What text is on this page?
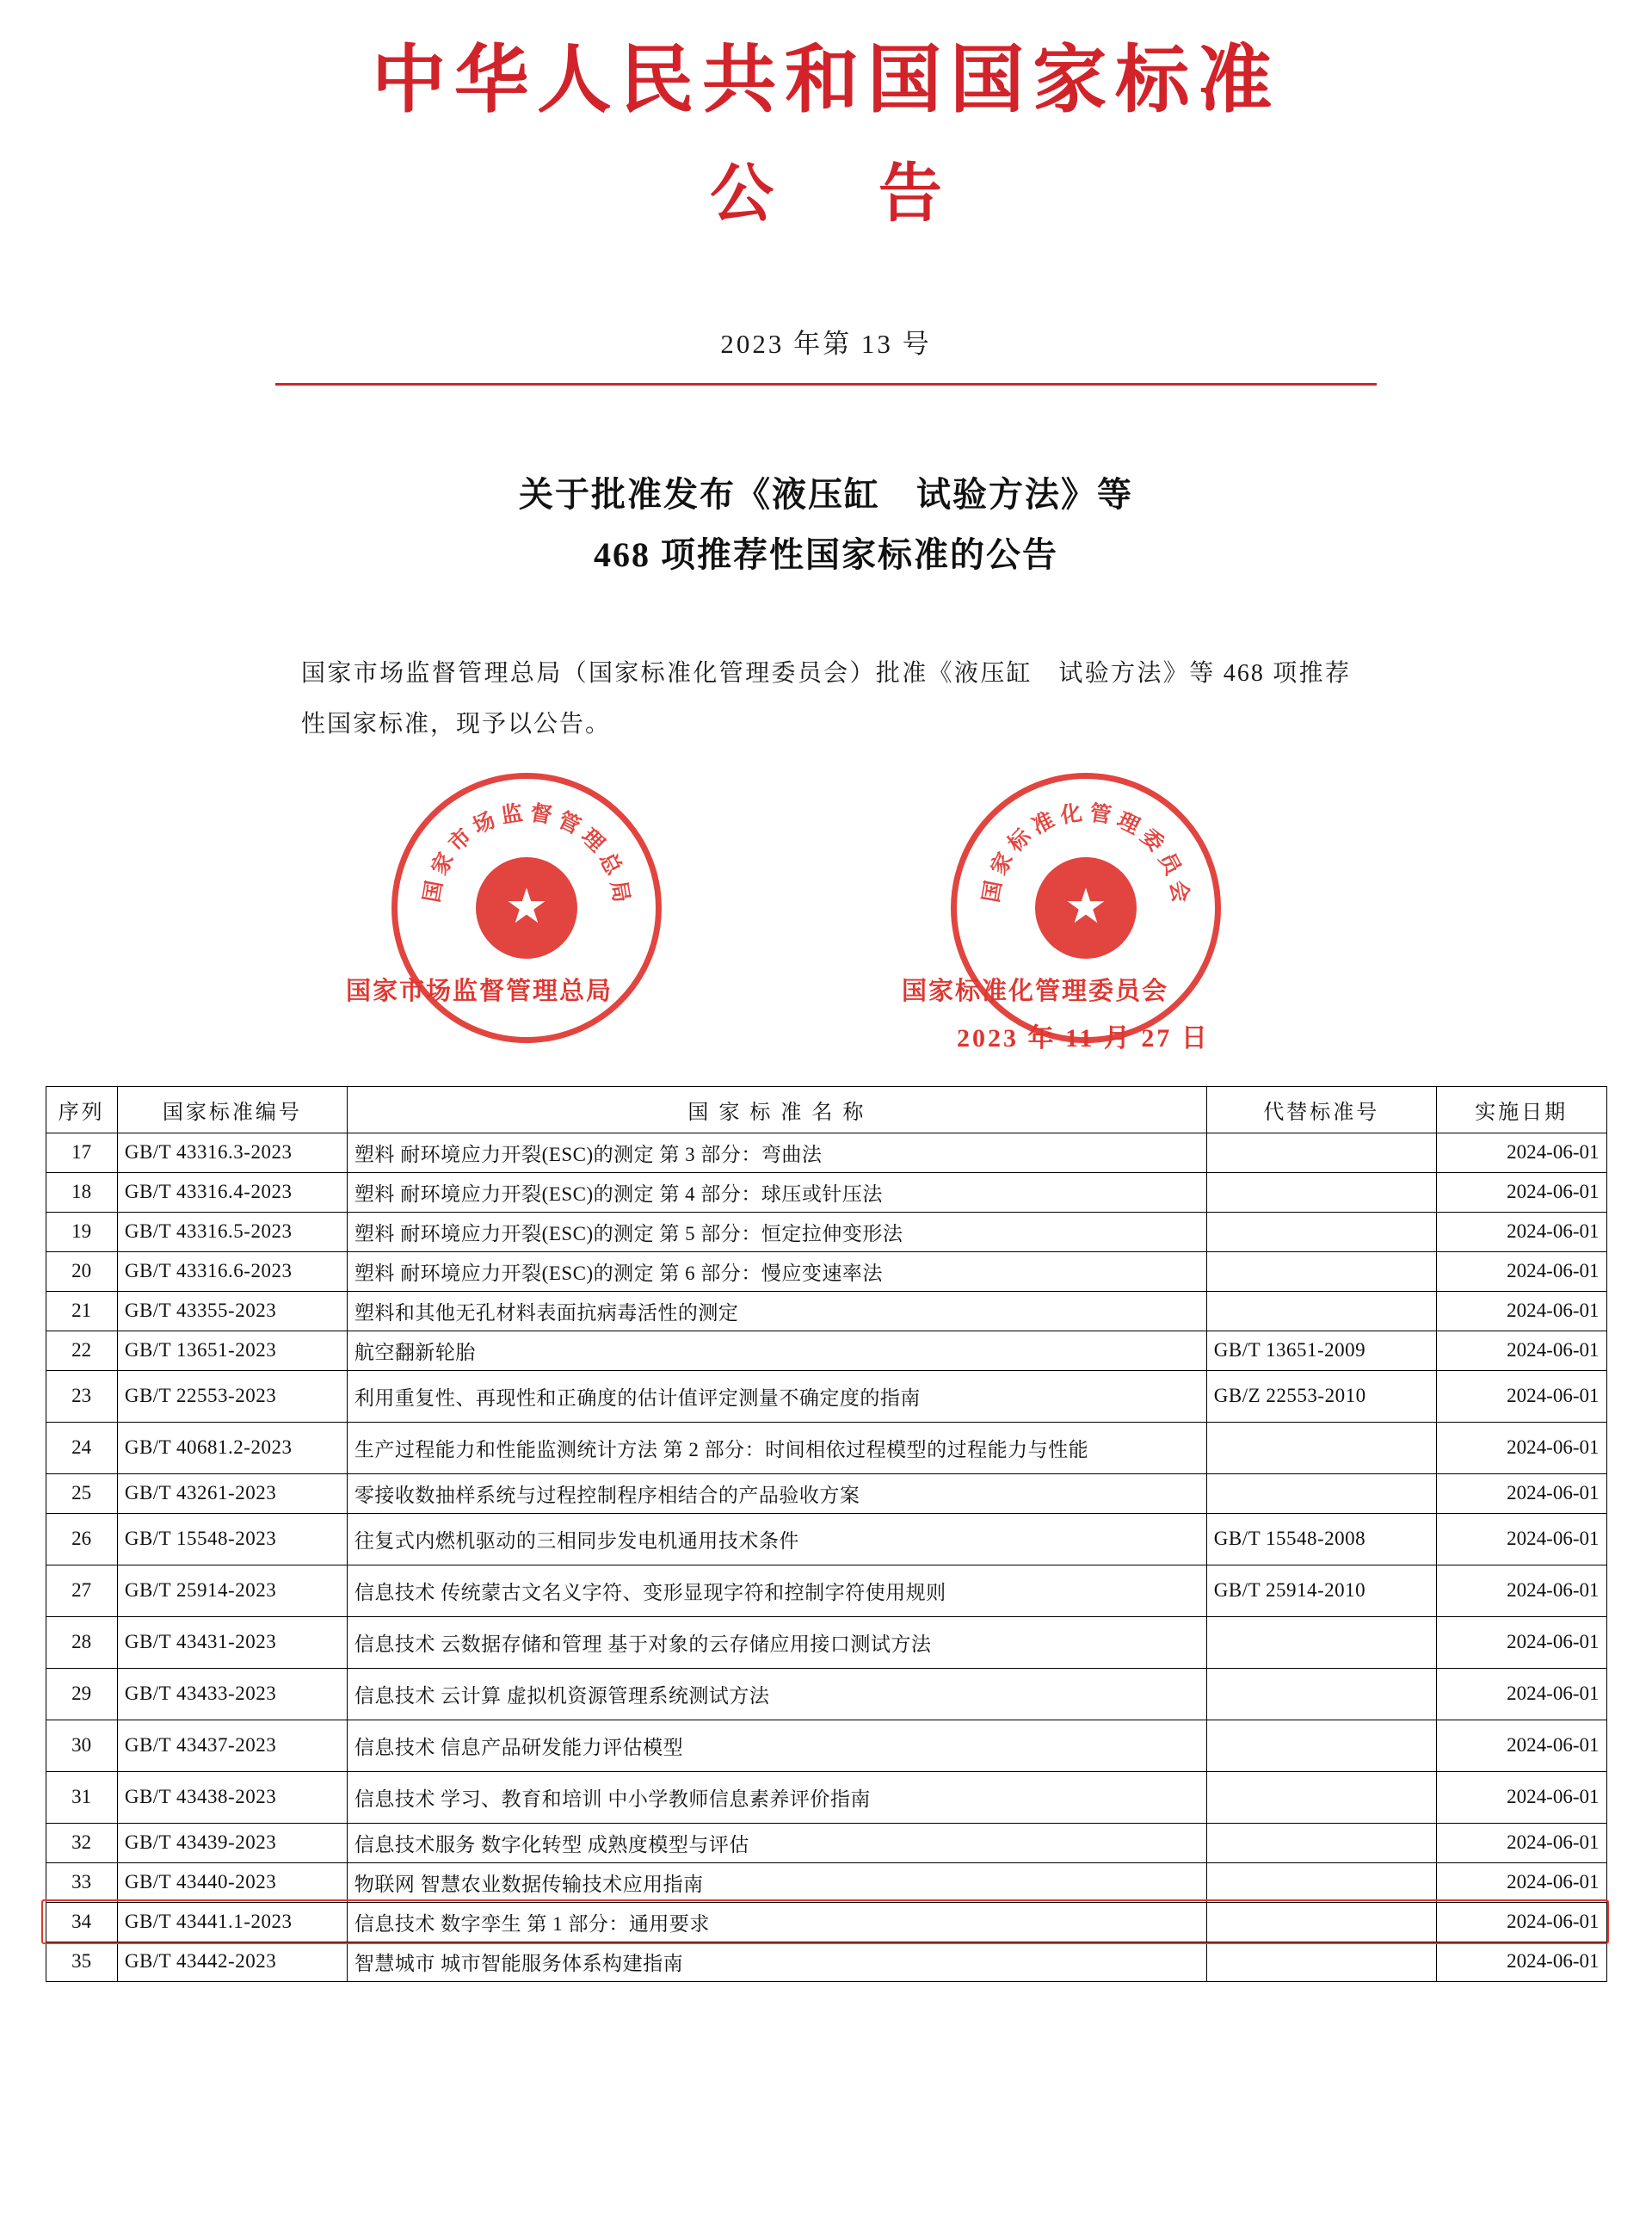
中华人民共和国国家标准
公 告
2023 年第 13 号
关于批准发布《液压缸　试验方法》等
468 项推荐性国家标准的公告
国家市场监督管理总局（国家标准化管理委员会）批准《液压缸　试验方法》等 468 项推荐性国家标准，现予以公告。
国
家
市
场 监 督 管
理
总
局 ★	国
家
标
准 化 管 理
委
员
会
★
国家市场监督管理总局	国家标准化管理委员会
2023 年 11 月 27 日
序列	国家标准编号	国 家 标 准 名 称	代替标准号	实施日期
17	GB/T 43316.3-2023	塑料 耐环境应力开裂(ESC)的测定 第 3 部分：弯曲法		2024-06-01
18	GB/T 43316.4-2023	塑料 耐环境应力开裂(ESC)的测定 第 4 部分：球压或针压法		2024-06-01
19	GB/T 43316.5-2023	塑料 耐环境应力开裂(ESC)的测定 第 5 部分：恒定拉伸变形法		2024-06-01
20	GB/T 43316.6-2023	塑料 耐环境应力开裂(ESC)的测定 第 6 部分：慢应变速率法		2024-06-01
21	GB/T 43355-2023	塑料和其他无孔材料表面抗病毒活性的测定		2024-06-01
22	GB/T 13651-2023	航空翻新轮胎	GB/T 13651-2009	2024-06-01
23	GB/T 22553-2023	利用重复性、再现性和正确度的估计值评定测量不确定度的指南	GB/Z 22553-2010	2024-06-01
24	GB/T 40681.2-2023	生产过程能力和性能监测统计方法 第 2 部分：时间相依过程模型的过程能力与性能		2024-06-01
25	GB/T 43261-2023	零接收数抽样系统与过程控制程序相结合的产品验收方案		2024-06-01
26	GB/T 15548-2023	往复式内燃机驱动的三相同步发电机通用技术条件	GB/T 15548-2008	2024-06-01
27	GB/T 25914-2023	信息技术 传统蒙古文名义字符、变形显现字符和控制字符使用规则	GB/T 25914-2010	2024-06-01
28	GB/T 43431-2023	信息技术 云数据存储和管理 基于对象的云存储应用接口测试方法		2024-06-01
29	GB/T 43433-2023	信息技术 云计算 虚拟机资源管理系统测试方法		2024-06-01
30	GB/T 43437-2023	信息技术 信息产品研发能力评估模型		2024-06-01
31	GB/T 43438-2023	信息技术 学习、教育和培训 中小学教师信息素养评价指南		2024-06-01
32	GB/T 43439-2023	信息技术服务 数字化转型 成熟度模型与评估		2024-06-01
33	GB/T 43440-2023	物联网 智慧农业数据传输技术应用指南		2024-06-01
34	GB/T 43441.1-2023	信息技术 数字孪生 第 1 部分：通用要求		2024-06-01
35	GB/T 43442-2023	智慧城市 城市智能服务体系构建指南		2024-06-01
